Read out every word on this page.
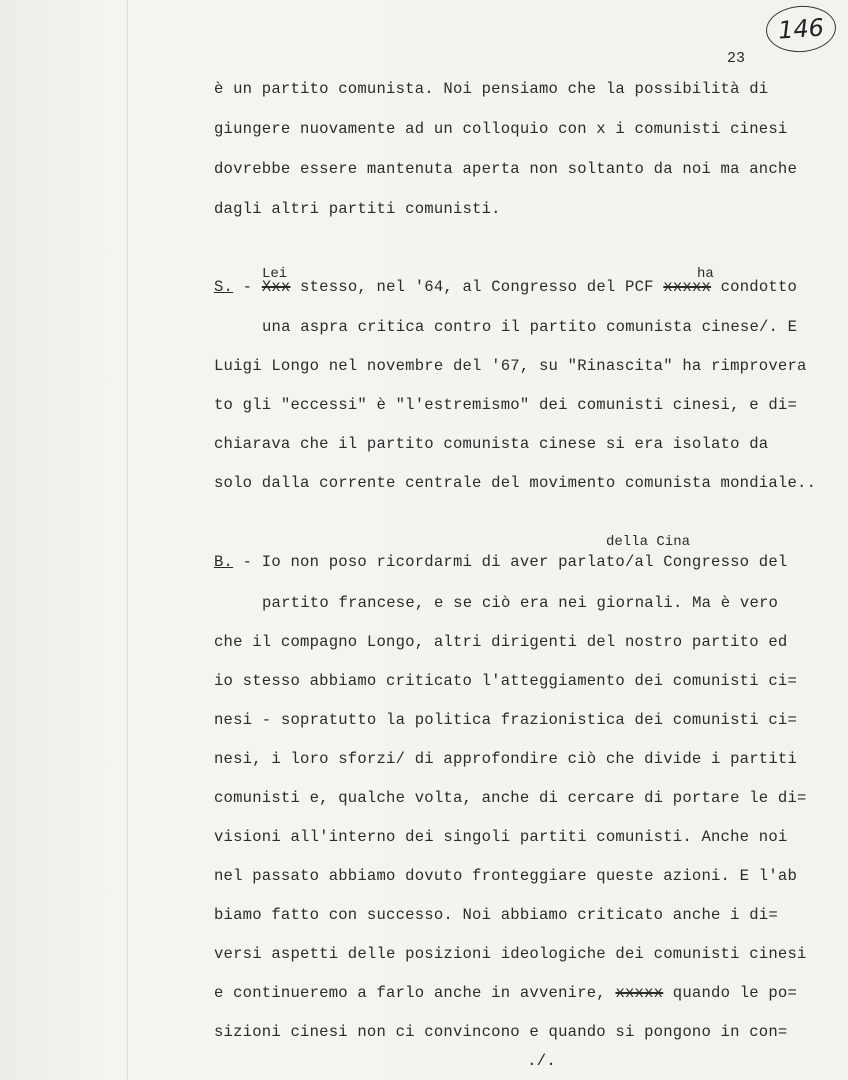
146
23
è un partito comunista. Noi pensiamo che la possibilità di
giungere nuovamente ad un colloquio con x i comunisti cinesi
dovrebbe essere mantenuta aperta non soltanto da noi ma anche
dagli altri partiti comunisti.
Lei	ha
S. - Xxx stesso, nel '64, al Congresso del PCF xxxxx condotto
una aspra critica contro il partito comunista cinese/. E
Luigi Longo nel novembre del '67, su "Rinascita" ha rimprovera
to gli "eccessi" è "l'estremismo" dei comunisti cinesi, e di=
chiarava che il partito comunista cinese si era isolato da
solo dalla corrente centrale del movimento comunista mondiale..
della Cina
B. - Io non poso ricordarmi di aver parlato/al Congresso del
partito francese, e se ciò era nei giornali. Ma è vero
che il compagno Longo, altri dirigenti del nostro partito ed
io stesso abbiamo criticato l'atteggiamento dei comunisti ci=
nesi - sopratutto la politica frazionistica dei comunisti ci=
nesi, i loro sforzi/ di approfondire ciò che divide i partiti
comunisti e, qualche volta, anche di cercare di portare le di=
visioni all'interno dei singoli partiti comunisti. Anche noi
nel passato abbiamo dovuto fronteggiare queste azioni. E l'ab
biamo fatto con successo. Noi abbiamo criticato anche i di=
versi aspetti delle posizioni ideologiche dei comunisti cinesi
e continueremo a farlo anche in avvenire, xxxxx quando le po=
sizioni cinesi non ci convincono e quando si pongono in con=
./.
